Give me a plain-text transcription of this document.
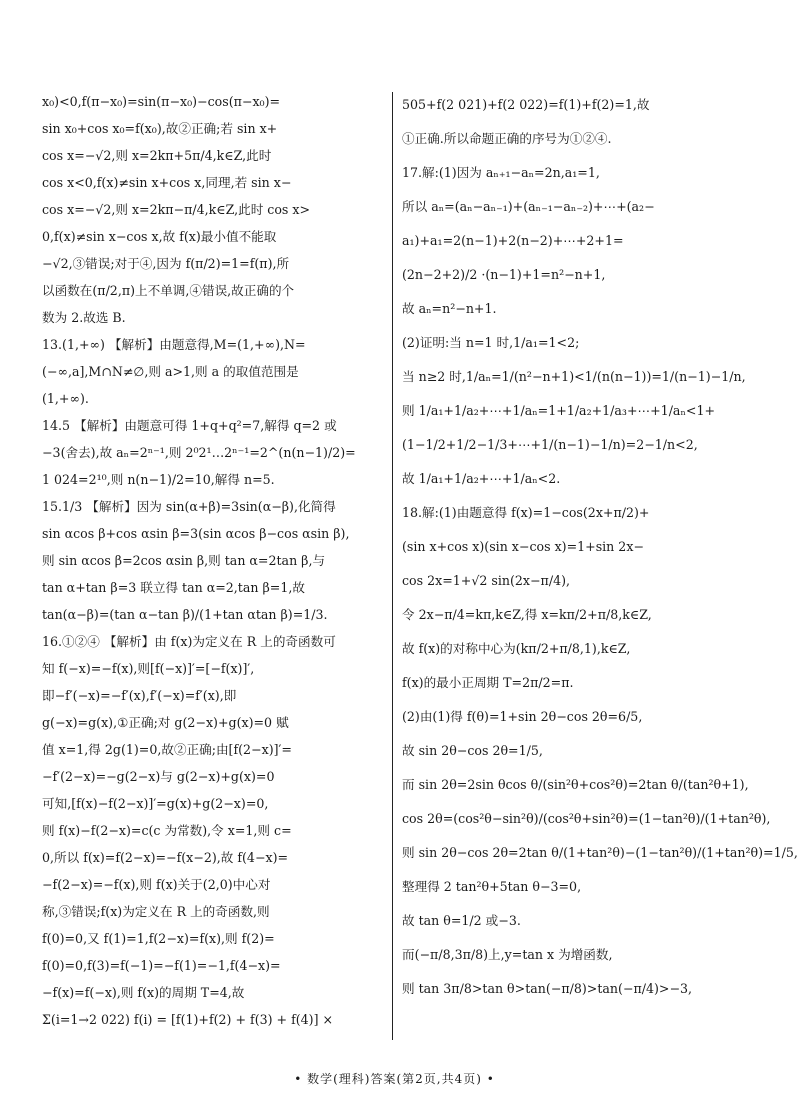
x₀)<0,f(π−x₀)=sin(π−x₀)−cos(π−x₀)=
sin x₀+cos x₀=f(x₀),故②正确;若 sin x+
cos x=−√2,则 x=2kπ+5π/4,k∈Z,此时
cos x<0,f(x)≠sin x+cos x,同理,若 sin x−
cos x=−√2,则 x=2kπ−π/4,k∈Z,此时 cos x>
0,f(x)≠sin x−cos x,故 f(x)最小值不能取
−√2,③错误;对于④,因为 f(π/2)=1=f(π),所
以函数在(π/2,π)上不单调,④错误,故正确的个
数为 2.故选 B.
13.(1,+∞) 【解析】由题意得,M=(1,+∞),N=
(−∞,a],M∩N≠∅,则 a>1,则 a 的取值范围是
(1,+∞).
14.5 【解析】由题意可得 1+q+q²=7,解得 q=2 或
−3(舍去),故 aₙ=2ⁿ⁻¹,则 2⁰2¹…2ⁿ⁻¹=2^(n(n−1)/2)=
1 024=2¹⁰,则 n(n−1)/2=10,解得 n=5.
15.1/3 【解析】因为 sin(α+β)=3sin(α−β),化简得
sin αcos β+cos αsin β=3(sin αcos β−cos αsin β),
则 sin αcos β=2cos αsin β,则 tan α=2tan β,与
tan α+tan β=3 联立得 tan α=2,tan β=1,故
tan(α−β)=(tan α−tan β)/(1+tan αtan β)=1/3.
16.①②④ 【解析】由 f(x)为定义在 R 上的奇函数可
知 f(−x)=−f(x),则[f(−x)]′=[−f(x)]′,
即−f′(−x)=−f′(x),f′(−x)=f′(x),即
g(−x)=g(x),①正确;对 g(2−x)+g(x)=0 赋
值 x=1,得 2g(1)=0,故②正确;由[f(2−x)]′=
−f′(2−x)=−g(2−x)与 g(2−x)+g(x)=0
可知,[f(x)−f(2−x)]′=g(x)+g(2−x)=0,
则 f(x)−f(2−x)=c(c 为常数),令 x=1,则 c=
0,所以 f(x)=f(2−x)=−f(x−2),故 f(4−x)=
−f(2−x)=−f(x),则 f(x)关于(2,0)中心对
称,③错误;f(x)为定义在 R 上的奇函数,则
f(0)=0,又 f(1)=1,f(2−x)=f(x),则 f(2)=
f(0)=0,f(3)=f(−1)=−f(1)=−1,f(4−x)=
−f(x)=f(−x),则 f(x)的周期 T=4,故
Σ(i=1→2 022) f(i) = [f(1)+f(2) + f(3) + f(4)] ×
505+f(2 021)+f(2 022)=f(1)+f(2)=1,故
①正确.所以命题正确的序号为①②④.
17.解:(1)因为 aₙ₊₁−aₙ=2n,a₁=1,
所以 aₙ=(aₙ−aₙ₋₁)+(aₙ₋₁−aₙ₋₂)+⋯+(a₂−
a₁)+a₁=2(n−1)+2(n−2)+⋯+2+1=
(2n−2+2)/2 ·(n−1)+1=n²−n+1,
故 aₙ=n²−n+1.
(2)证明:当 n=1 时,1/a₁=1<2;
当 n≥2 时,1/aₙ=1/(n²−n+1)<1/(n(n−1))=1/(n−1)−1/n,
则 1/a₁+1/a₂+⋯+1/aₙ=1+1/a₂+1/a₃+⋯+1/aₙ<1+
(1−1/2+1/2−1/3+⋯+1/(n−1)−1/n)=2−1/n<2,
故 1/a₁+1/a₂+⋯+1/aₙ<2.
18.解:(1)由题意得 f(x)=1−cos(2x+π/2)+
(sin x+cos x)(sin x−cos x)=1+sin 2x−
cos 2x=1+√2 sin(2x−π/4),
令 2x−π/4=kπ,k∈Z,得 x=kπ/2+π/8,k∈Z,
故 f(x)的对称中心为(kπ/2+π/8,1),k∈Z,
f(x)的最小正周期 T=2π/2=π.
(2)由(1)得 f(θ)=1+sin 2θ−cos 2θ=6/5,
故 sin 2θ−cos 2θ=1/5,
而 sin 2θ=2sin θcos θ/(sin²θ+cos²θ)=2tan θ/(tan²θ+1),
cos 2θ=(cos²θ−sin²θ)/(cos²θ+sin²θ)=(1−tan²θ)/(1+tan²θ),
则 sin 2θ−cos 2θ=2tan θ/(1+tan²θ)−(1−tan²θ)/(1+tan²θ)=1/5,
整理得 2 tan²θ+5tan θ−3=0,
故 tan θ=1/2 或−3.
而(−π/8,3π/8)上,y=tan x 为增函数,
则 tan 3π/8>tan θ>tan(−π/8)>tan(−π/4)>−3,
• 数学(理科)答案(第2页,共4页) •
